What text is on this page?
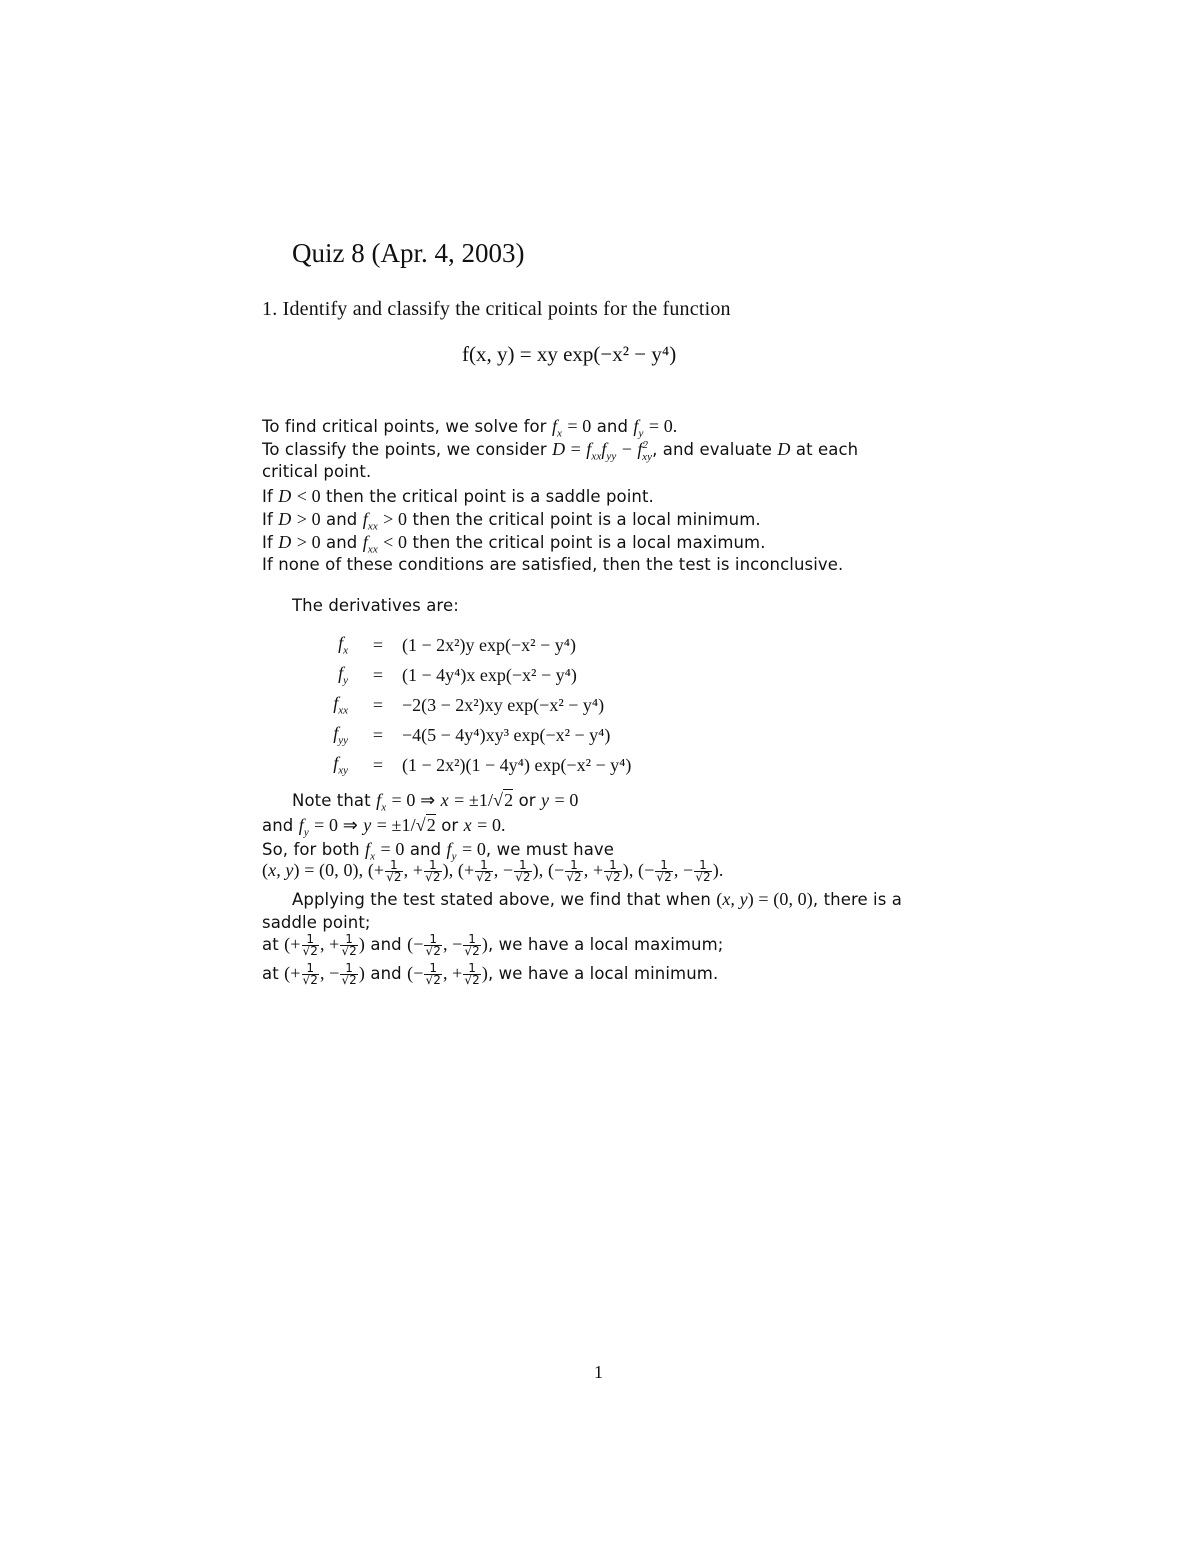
Quiz 8 (Apr. 4, 2003)
1. Identify and classify the critical points for the function
f(x, y) = xy exp(−x² − y⁴)
To find critical points, we solve for $f_x = 0$ and $f_y = 0$.
To classify the points, we consider $D = f_{xx}f_{yy} - f^2_{xy}$, and evaluate D at each
critical point.
If D < 0 then the critical point is a saddle point.
If D > 0 and $f_{xx} > 0$ then the critical point is a local minimum.
If D > 0 and $f_{xx} < 0$ then the critical point is a local maximum.
If none of these conditions are satisfied, then the test is inconclusive.
The derivatives are:
$f_x$	=	(1 − 2x²)y exp(−x² − y⁴)
$f_y$	=	(1 − 4y⁴)x exp(−x² − y⁴)
$f_{xx}$	=	−2(3 − 2x²)xy exp(−x² − y⁴)
$f_{yy}$	=	−4(5 − 4y⁴)xy³ exp(−x² − y⁴)
$f_{xy}$	=	(1 − 2x²)(1 − 4y⁴) exp(−x² − y⁴)
Note that $f_x = 0$ ⇒ x = ±1/√2 or y = 0
and $f_y = 0$ ⇒ y = ±1/√2 or x = 0.
So, for both $f_x = 0$ and $f_y = 0$, we must have
(x, y) = (0, 0), (+ $\frac{1}{√2}$ , + $\frac{1}{√2}$ ), (+ $\frac{1}{√2}$ , − $\frac{1}{√2}$ ), (− $\frac{1}{√2}$ , + $\frac{1}{√2}$ ), (− $\frac{1}{√2}$ , − $\frac{1}{√2}$ ).
Applying the test stated above, we find that when (x, y) = (0, 0), there is a
saddle point;
at (+ $\frac{1}{√2}$ , + $\frac{1}{√2}$ ) and (− $\frac{1}{√2}$ , − $\frac{1}{√2}$ ), we have a local maximum;
at (+ $\frac{1}{√2}$ , − $\frac{1}{√2}$ ) and (− $\frac{1}{√2}$ , + $\frac{1}{√2}$ ), we have a local minimum.
1
